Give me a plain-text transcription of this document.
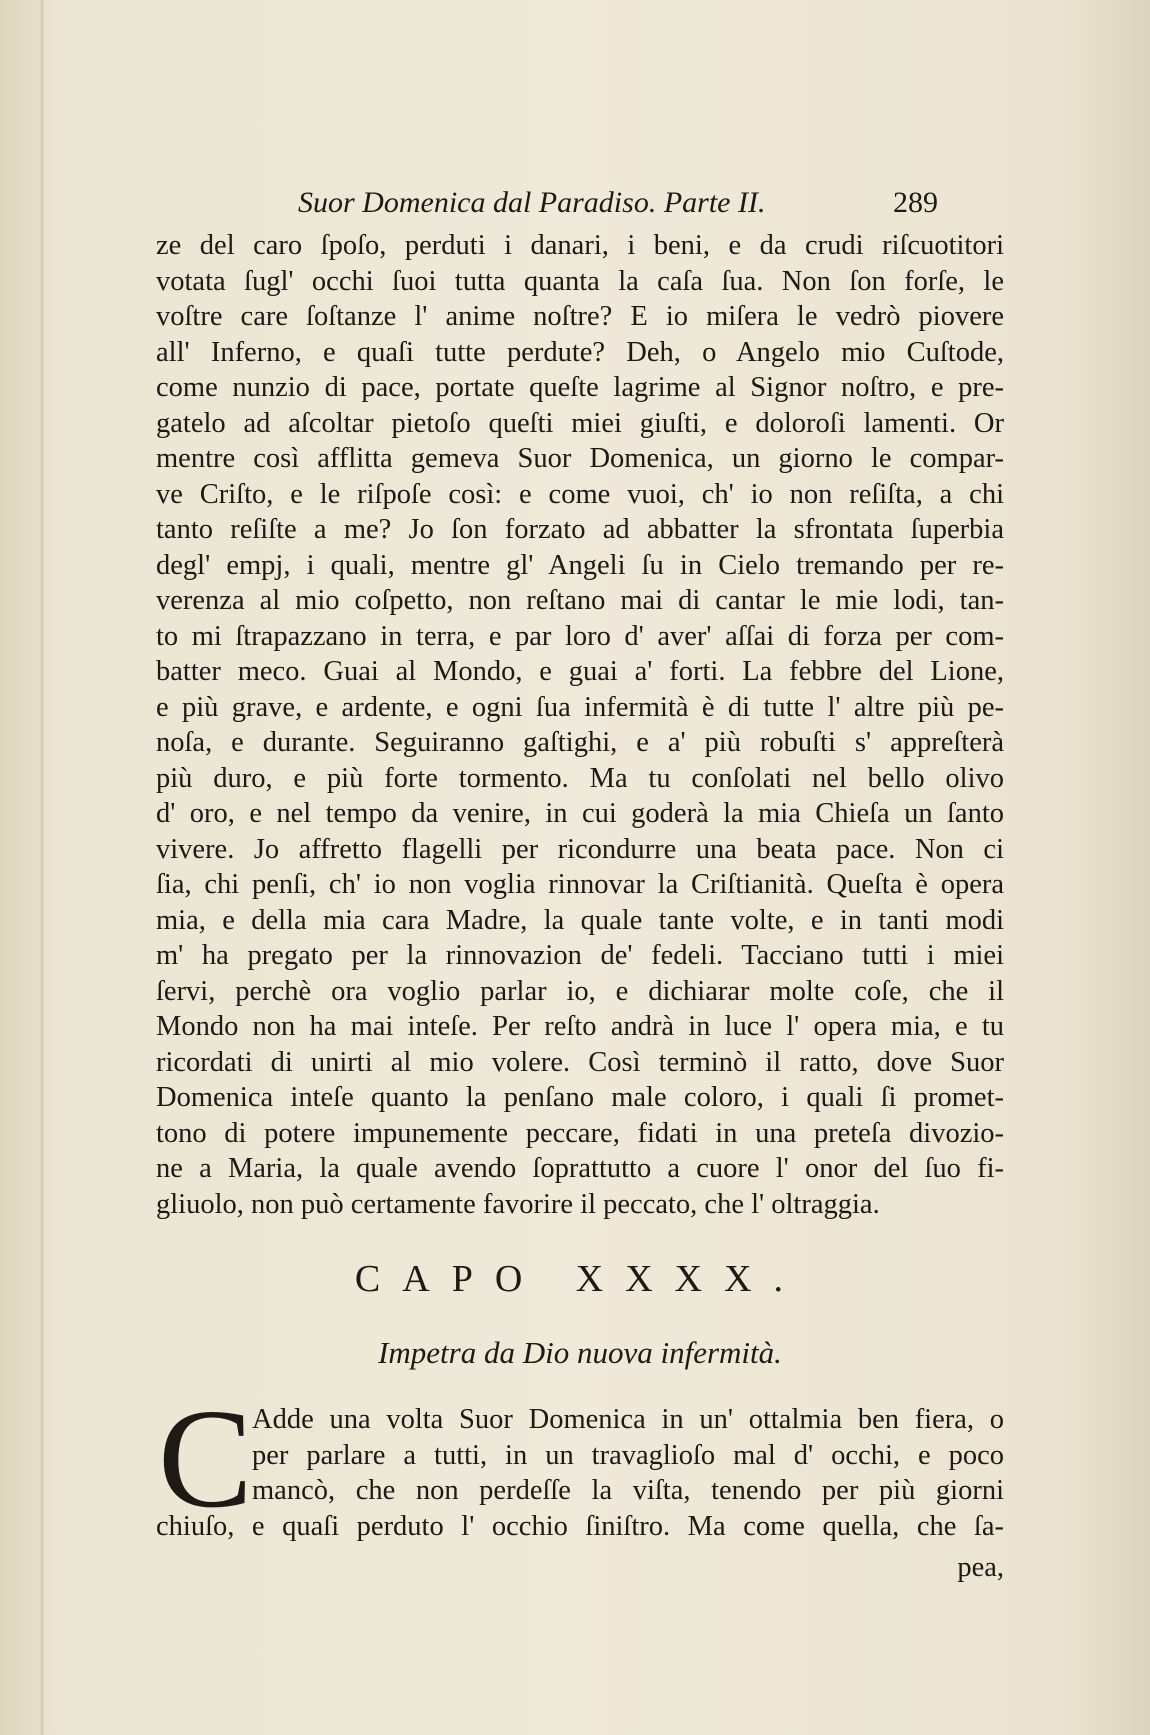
Suor Domenica dal Paradiso. Parte II.	289
ze del caro ſpoſo, perduti i danari, i beni, e da crudi riſcuotitori
votata ſugl' occhi ſuoi tutta quanta la caſa ſua. Non ſon forſe, le
voſtre care ſoſtanze l' anime noſtre? E io miſera le vedrò piovere
all' Inferno, e quaſi tutte perdute? Deh, o Angelo mio Cuſtode,
come nunzio di pace, portate queſte lagrime al Signor noſtro, e pre-
gatelo ad aſcoltar pietoſo queſti miei giuſti, e doloroſi lamenti. Or
mentre così afflitta gemeva Suor Domenica, un giorno le compar-
ve Criſto, e le riſpoſe così: e come vuoi, ch' io non reſiſta, a chi
tanto reſiſte a me? Jo ſon forzato ad abbatter la sfrontata ſuperbia
degl' empj, i quali, mentre gl' Angeli ſu in Cielo tremando per re-
verenza al mio coſpetto, non reſtano mai di cantar le mie lodi, tan-
to mi ſtrapazzano in terra, e par loro d' aver' aſſai di forza per com-
batter meco. Guai al Mondo, e guai a' forti. La febbre del Lione,
e più grave, e ardente, e ogni ſua infermità è di tutte l' altre più pe-
noſa, e durante. Seguiranno gaſtighi, e a' più robuſti s' appreſterà
più duro, e più forte tormento. Ma tu conſolati nel bello olivo
d' oro, e nel tempo da venire, in cui goderà la mia Chieſa un ſanto
vivere. Jo affretto flagelli per ricondurre una beata pace. Non ci
ſia, chi penſi, ch' io non voglia rinnovar la Criſtianità. Queſta è opera
mia, e della mia cara Madre, la quale tante volte, e in tanti modi
m' ha pregato per la rinnovazion de' fedeli. Tacciano tutti i miei
ſervi, perchè ora voglio parlar io, e dichiarar molte coſe, che il
Mondo non ha mai inteſe. Per reſto andrà in luce l' opera mia, e tu
ricordati di unirti al mio volere. Così terminò il ratto, dove Suor
Domenica inteſe quanto la penſano male coloro, i quali ſi promet-
tono di potere impunemente peccare, fidati in una preteſa divozio-
ne a Maria, la quale avendo ſoprattutto a cuore l' onor del ſuo fi-
gliuolo, non può certamente favorire il peccato, che l' oltraggia.
CAPO XXXX.
Impetra da Dio nuova infermità.
C Adde una volta Suor Domenica in un' ottalmia ben fiera, o
per parlare a tutti, in un travaglioſo mal d' occhi, e poco
mancò, che non perdeſſe la viſta, tenendo per più giorni
chiuſo, e quaſi perduto l' occhio ſiniſtro. Ma come quella, che ſa-
pea,
